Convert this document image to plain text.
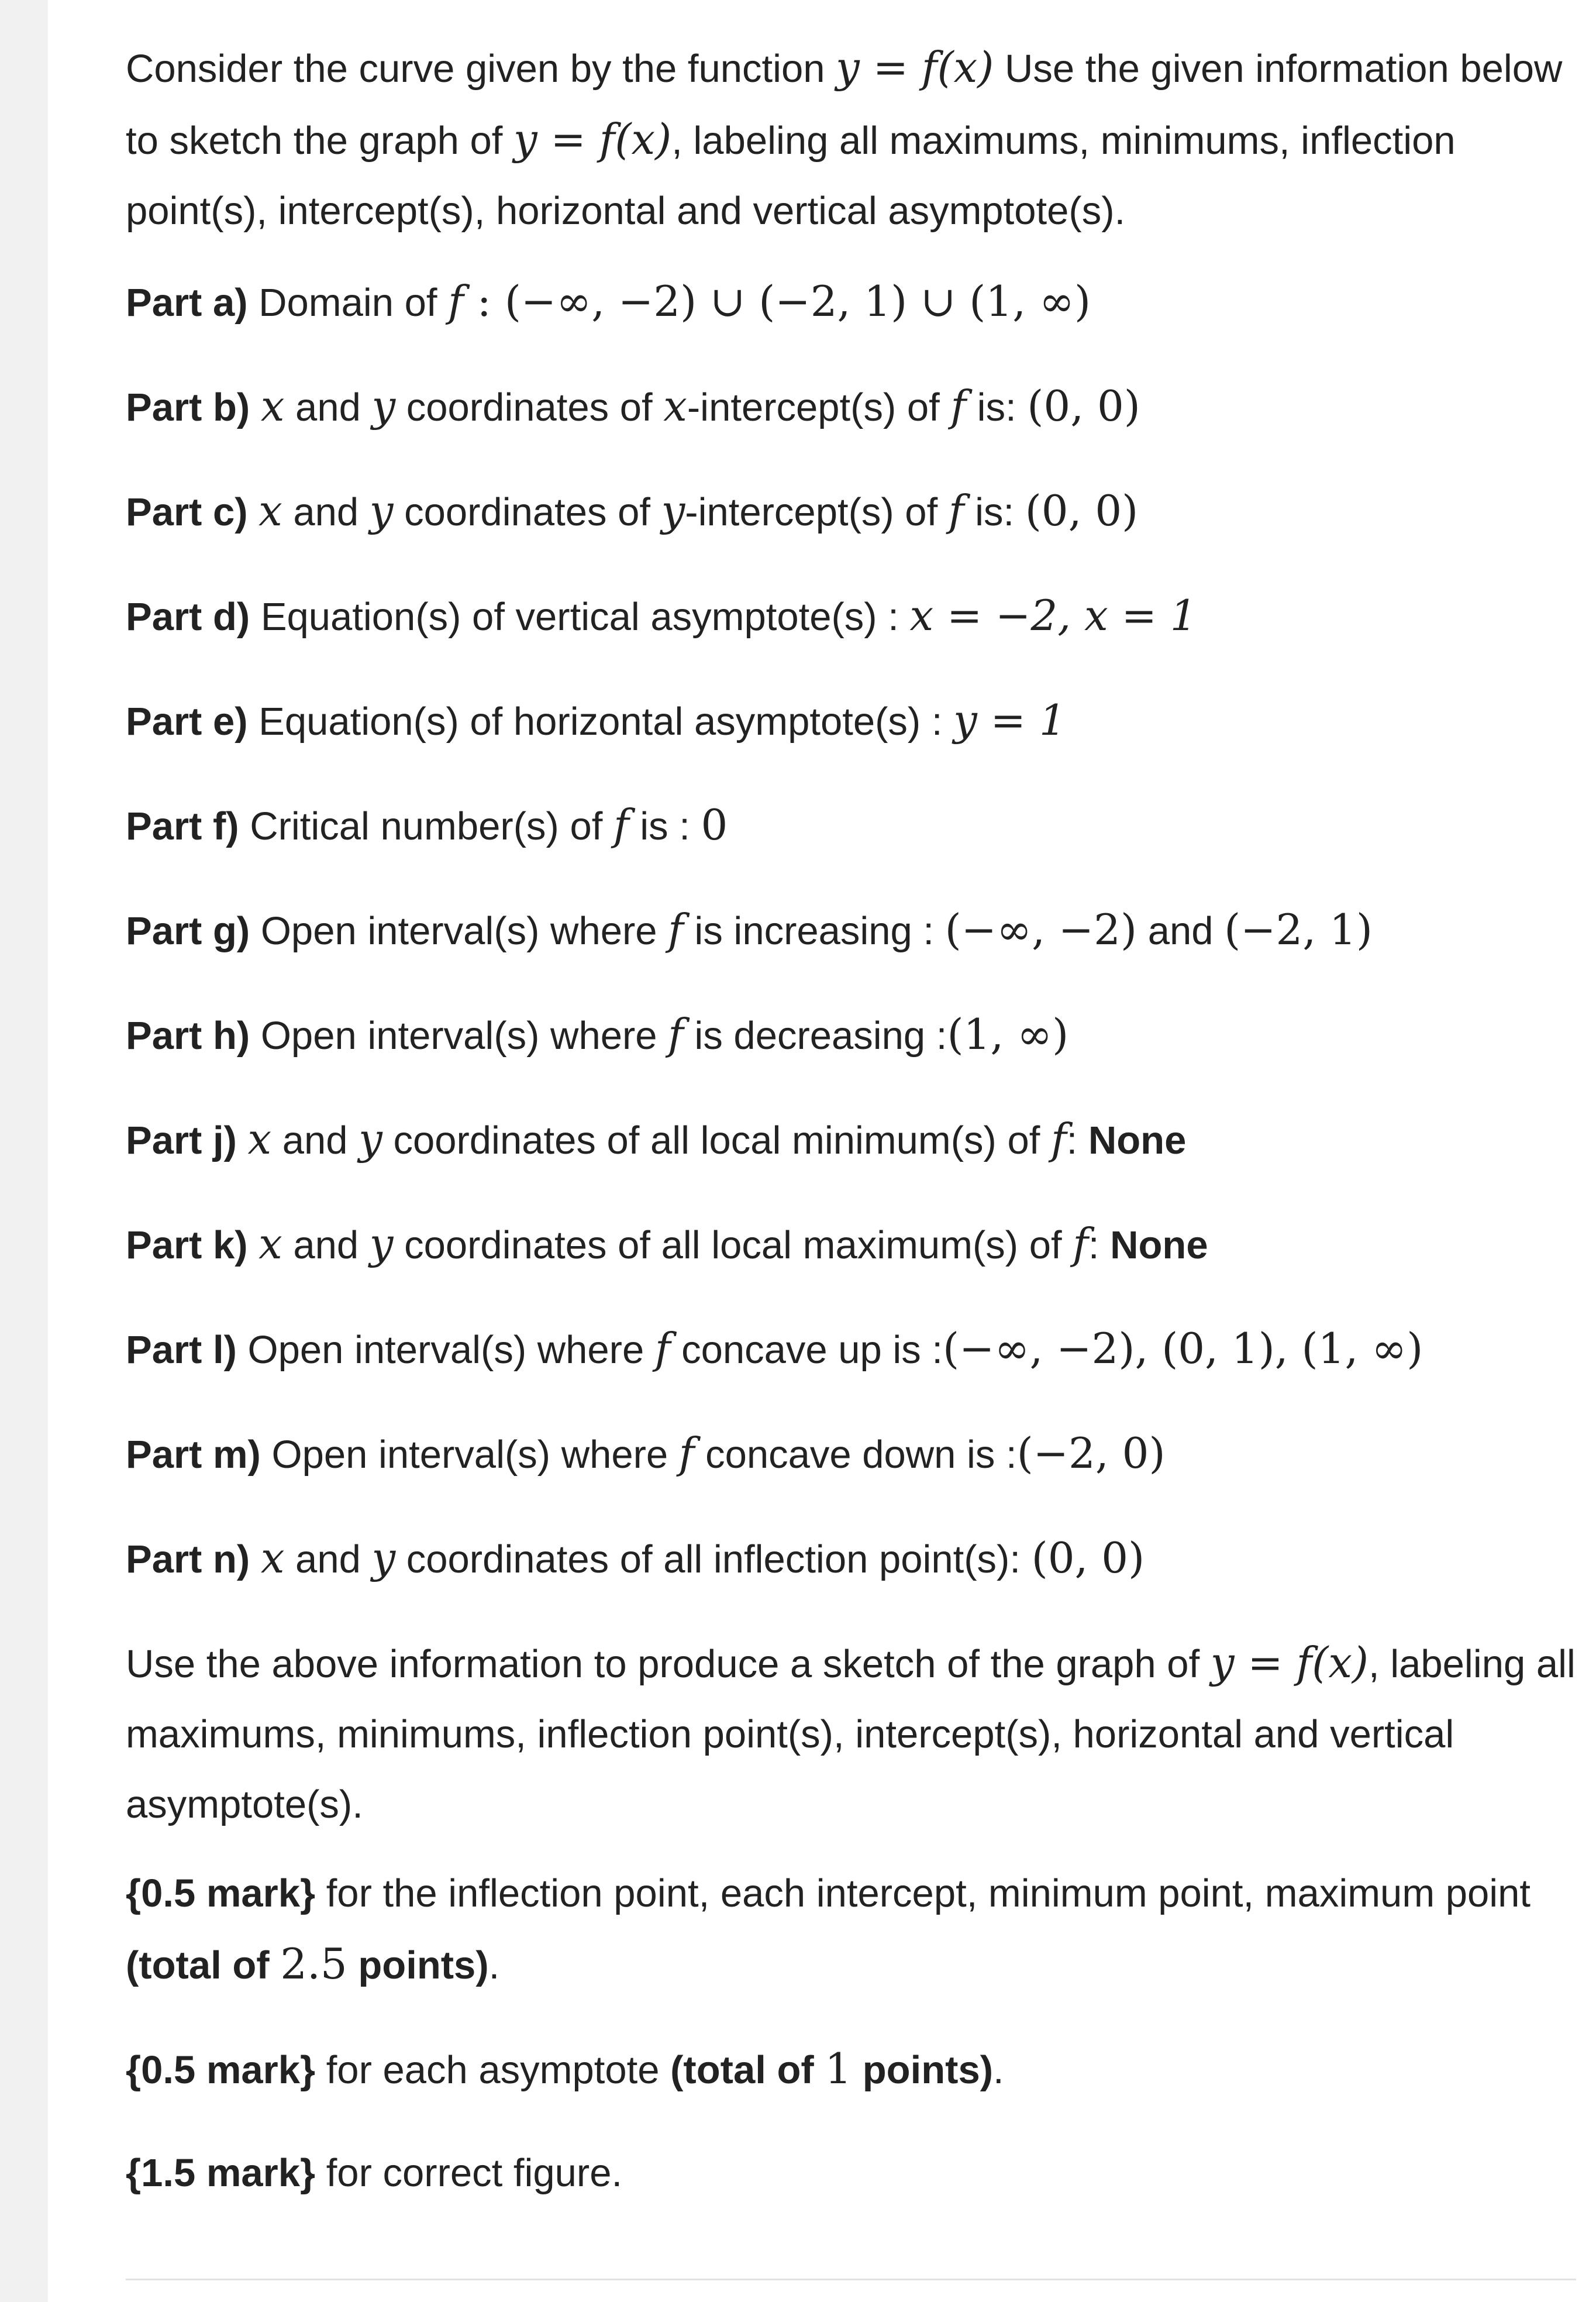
Consider the curve given by the function y = f(x) Use the given information below to sketch the graph of y = f(x), labeling all maximums, minimums, inflection point(s), intercept(s), horizontal and vertical asymptote(s).

Part a) Domain of f : (−∞, −2) ∪ (−2, 1) ∪ (1, ∞)

Part b) x and y coordinates of x-intercept(s) of f is: (0, 0)

Part c) x and y coordinates of y-intercept(s) of f is: (0, 0)

Part d) Equation(s) of vertical asymptote(s) : x = −2, x = 1

Part e) Equation(s) of horizontal asymptote(s) : y = 1

Part f) Critical number(s) of f is : 0

Part g) Open interval(s) where f is increasing : (−∞, −2) and (−2, 1)

Part h) Open interval(s) where f is decreasing :(1, ∞)

Part j) x and y coordinates of all local minimum(s) of f: None

Part k) x and y coordinates of all local maximum(s) of f: None

Part l) Open interval(s) where f concave up is :(−∞, −2), (0, 1), (1, ∞)

Part m) Open interval(s) where f concave down is :(−2, 0)

Part n) x and y coordinates of all inflection point(s): (0, 0)

Use the above information to produce a sketch of the graph of y = f(x), labeling all maximums, minimums, inflection point(s), intercept(s), horizontal and vertical asymptote(s).

{0.5 mark} for the inflection point, each intercept, minimum point, maximum point (total of 2.5 points).

{0.5 mark} for each asymptote (total of 1 points).

{1.5 mark} for correct figure.
